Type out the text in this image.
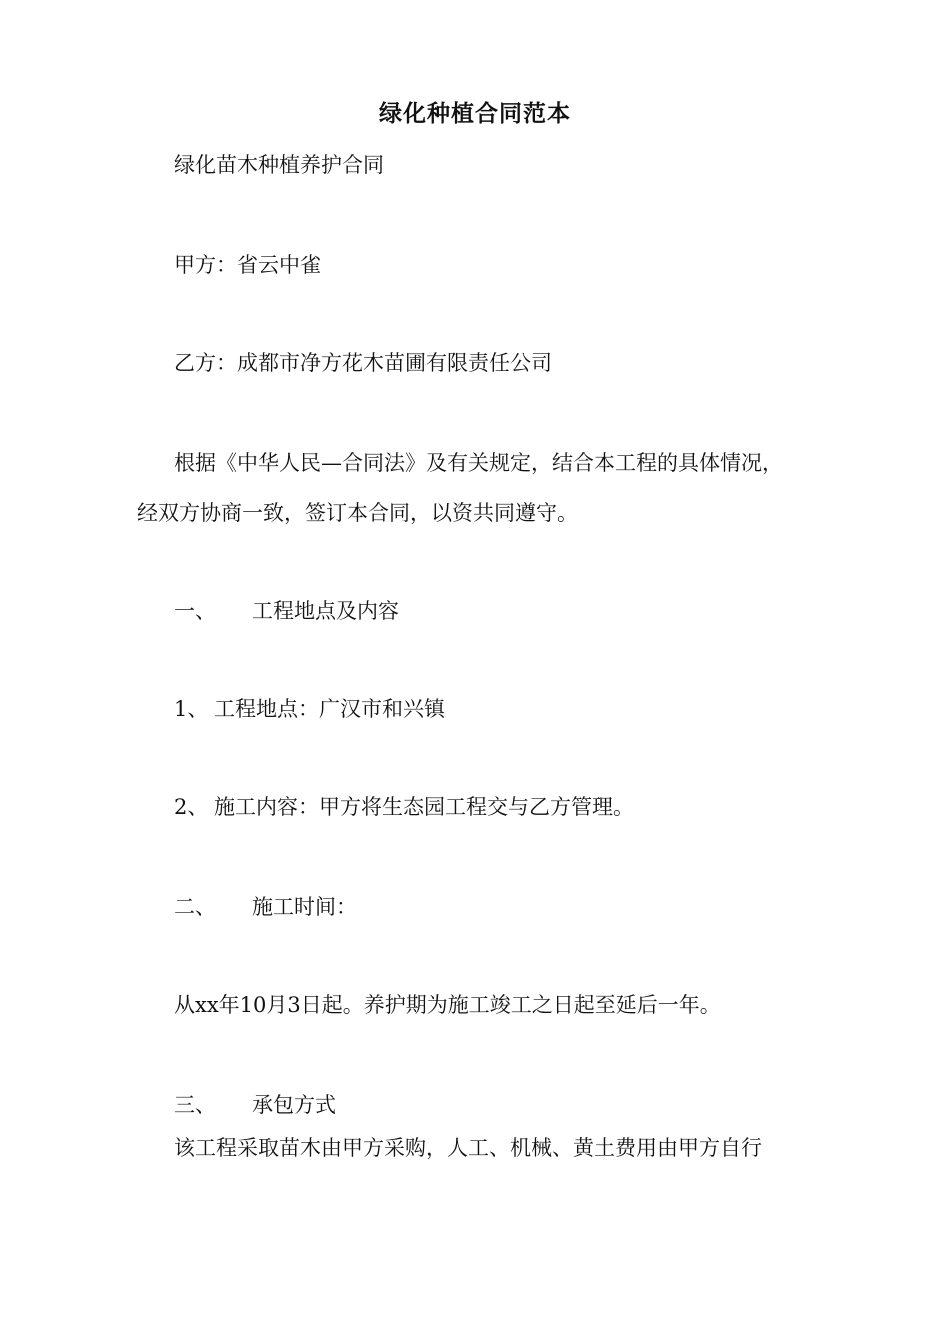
绿化种植合同范本
绿化苗木种植养护合同
甲方：省云中雀
乙方：成都市净方花木苗圃有限责任公司
根据《中华人民—合同法》及有关规定，结合本工程的具体情况，
经双方协商一致，签订本合同，以资共同遵守。
一、 工程地点及内容
1、 工程地点：广汉市和兴镇
2、 施工内容：甲方将生态园工程交与乙方管理。
二、 施工时间：
从xx年10月3日起。养护期为施工竣工之日起至延后一年。
三、 承包方式
该工程采取苗木由甲方采购，人工、机械、黄土费用由甲方自行
